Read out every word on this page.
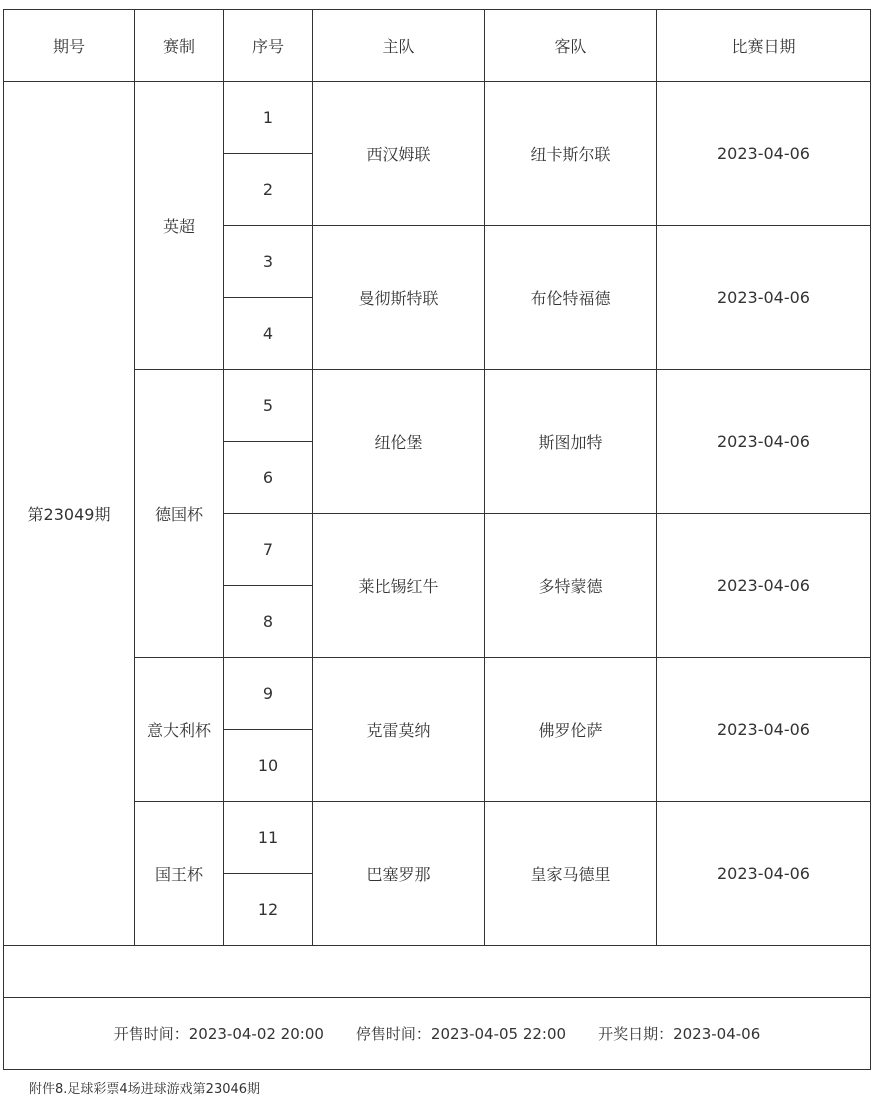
期号	赛制	序号	主队	客队	比赛日期
第23049期	英超	1	西汉姆联	纽卡斯尔联	2023-04-06
		2			
		3	曼彻斯特联	布伦特福德	2023-04-06
		4			
	德国杯	5	纽伦堡	斯图加特	2023-04-06
		6			
		7	莱比锡红牛	多特蒙德	2023-04-06
		8			
	意大利杯	9	克雷莫纳	佛罗伦萨	2023-04-06
		10			
	国王杯	11	巴塞罗那	皇家马德里	2023-04-06
		12			

开售时间：2023-04-02 20:00 停售时间：2023-04-05 22:00 开奖日期：2023-04-06					
附件8.足球彩票4场进球游戏第23046期
